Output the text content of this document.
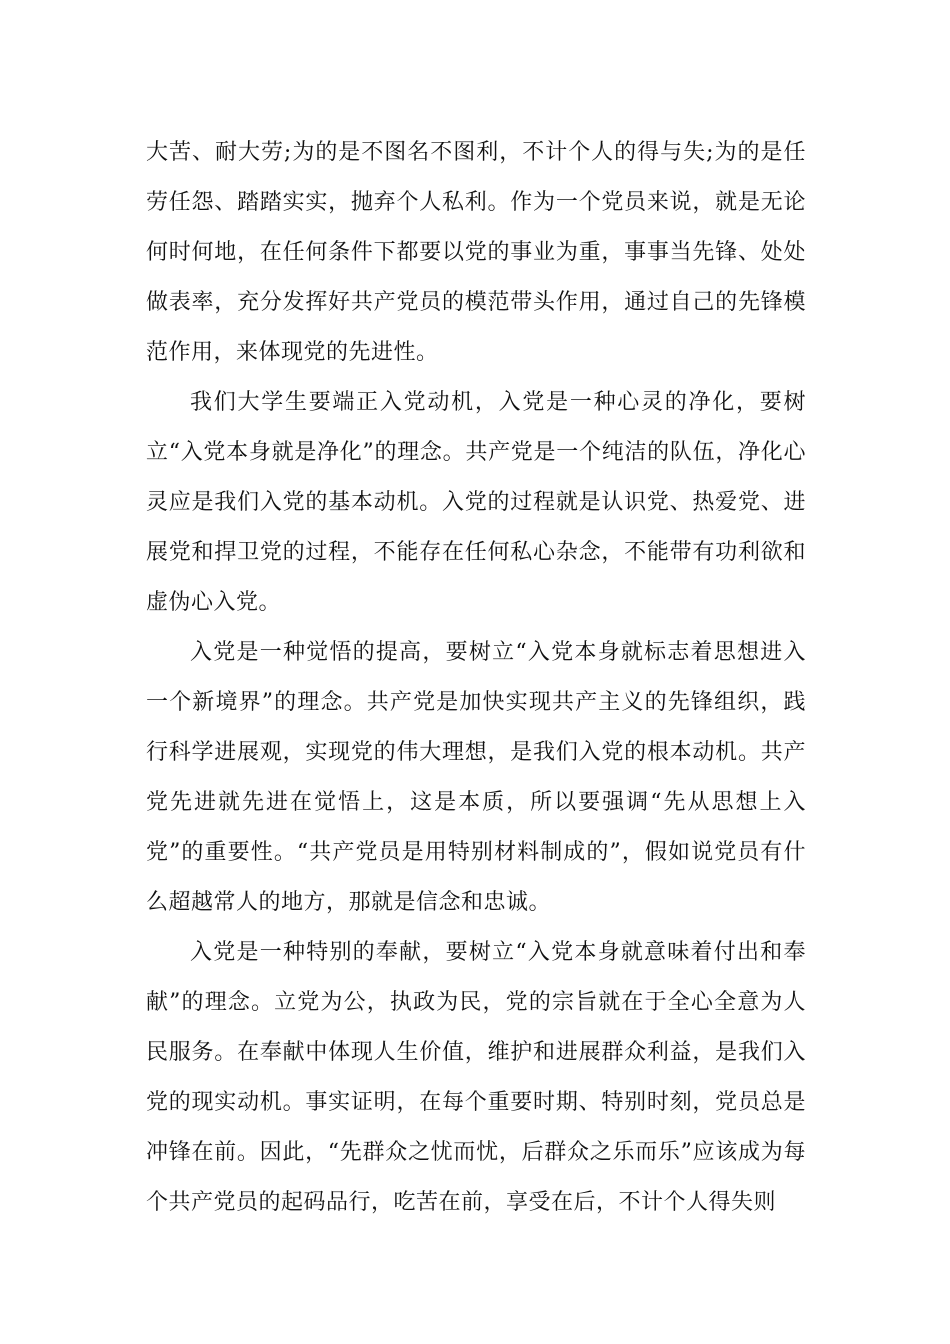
大苦、耐大劳;为的是不图名不图利，不计个人的得与失;为的是任劳任怨、踏踏实实，抛弃个人私利。作为一个党员来说，就是无论何时何地，在任何条件下都要以党的事业为重，事事当先锋、处处做表率，充分发挥好共产党员的模范带头作用，通过自己的先锋模范作用，来体现党的先进性。

我们大学生要端正入党动机，入党是一种心灵的净化，要树立“入党本身就是净化”的理念。共产党是一个纯洁的队伍，净化心灵应是我们入党的基本动机。入党的过程就是认识党、热爱党、进展党和捍卫党的过程，不能存在任何私心杂念，不能带有功利欲和虚伪心入党。

入党是一种觉悟的提高，要树立“入党本身就标志着思想进入一个新境界”的理念。共产党是加快实现共产主义的先锋组织，践行科学进展观，实现党的伟大理想，是我们入党的根本动机。共产党先进就先进在觉悟上，这是本质，所以要强调“先从思想上入党”的重要性。“共产党员是用特别材料制成的”，假如说党员有什么超越常人的地方，那就是信念和忠诚。

入党是一种特别的奉献，要树立“入党本身就意味着付出和奉献”的理念。立党为公，执政为民，党的宗旨就在于全心全意为人民服务。在奉献中体现人生价值，维护和进展群众利益，是我们入党的现实动机。事实证明，在每个重要时期、特别时刻，党员总是冲锋在前。因此，“先群众之忧而忧，后群众之乐而乐”应该成为每个共产党员的起码品行，吃苦在前，享受在后，不计个人得失则
